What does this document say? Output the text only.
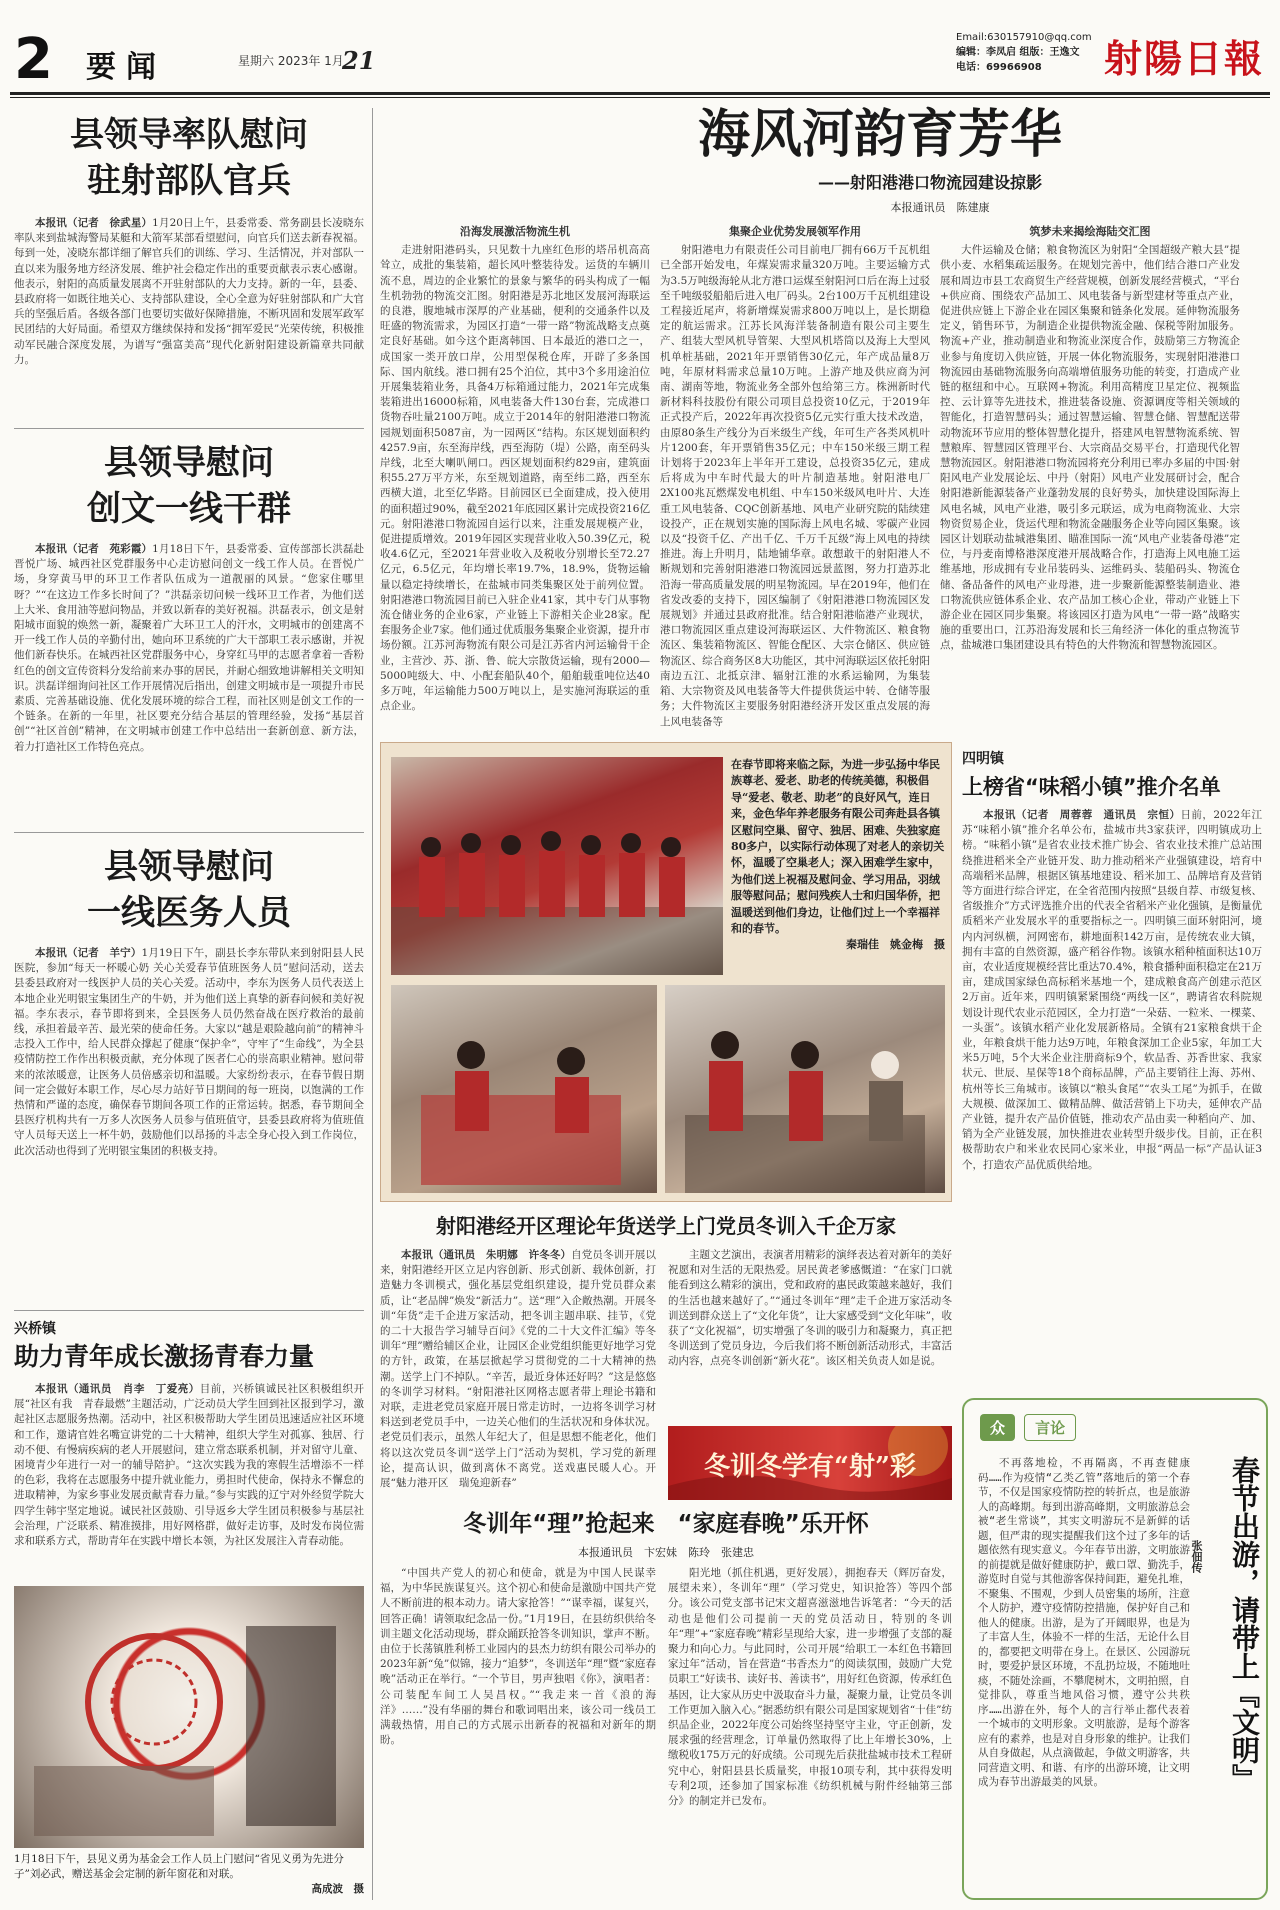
2 要闻	星期六 2023年 1月
21
Email:630157910@qq.com
编辑：李凤启 组版：王逸文
电话：69966908	射陽日報
县领导率队慰问
驻射部队官兵

本报讯（记者　徐武星）1月20日上午，县委常委、常务副县长凌晓东率队来到盐城海警局某艇和大箭军某部看望慰问，向官兵们送去新春祝福。每到一处，凌晓东都详细了解官兵们的训练、学习、生活情况，并对部队一直以来为服务地方经济发展、维护社会稳定作出的重要贡献表示衷心感谢。他表示，射阳的高质量发展离不开驻射部队的大力支持。新的一年，县委、县政府将一如既往地关心、支持部队建设，全心全意为好驻射部队和广大官兵的坚强后盾。各级各部门也要切实做好保障措施，不断巩固和发展军政军民团结的大好局面。希望双方继续保持和发扬“拥军爱民”光荣传统，积极推动军民融合深度发展，为谱写“强富美高”现代化新射阳建设新篇章共同献力。

县领导慰问
创文一线干群

本报讯（记者　苑彩霞）1月18日下午，县委常委、宣传部部长洪磊赴晋悦广场、城西社区党群服务中心走访慰问创文一线工作人员。在晋悦广场，身穿黄马甲的环卫工作者队伍成为一道靓丽的风景。“您家住哪里呀？”“在这边工作多长时间了？”洪磊亲切问候一线环卫工作者，为他们送上大米、食用油等慰问物品，并致以新春的美好祝福。洪磊表示，创文是射阳城市面貌的焕然一新，凝聚着广大环卫工人的汗水，文明城市的创建离不开一线工作人员的辛勤付出，她向环卫系统的广大干部职工表示感谢，并祝他们新春快乐。在城西社区党群服务中心，身穿红马甲的志愿者拿着一香粉红色的创文宣传资料分发给前来办事的居民，并耐心细致地讲解相关文明知识。洪磊详细询问社区工作开展情况后指出，创建文明城市是一项提升市民素质、完善基础设施、优化发展环境的综合工程，而社区则是创文工作的一个链条。在新的一年里，社区要充分结合基层的管理经验，发扬“基层首创”“社区首创”精神，在文明城市创建工作中总结出一套新创意、新方法，着力打造社区工作特色亮点。

县领导慰问
一线医务人员

本报讯（记者　羊宁）1月19日下午，副县长李东带队来到射阳县人民医院，参加“每天一杯暖心奶 关心关爱春节值班医务人员”慰问活动，送去县委县政府对一线医护人员的关心关爱。活动中，李东为医务人员代表送上本地企业光明银宝集团生产的牛奶，并为他们送上真挚的新春问候和美好祝福。李东表示，春节即将到来，全县医务人员仍然奋战在医疗救治的最前线，承担着最辛苦、最光荣的使命任务。大家以“越是艰险越向前”的精神斗志投入工作中，给人民群众撑起了健康“保护伞”，守牢了“生命线”，为全县疫情防控工作作出积极贡献，充分体现了医者仁心的崇高职业精神。慰问带来的浓浓暖意，让医务人员倍感亲切和温暖。大家纷纷表示，在春节假日期间一定会做好本职工作，尽心尽力站好节日期间的每一班岗，以饱满的工作热情和严谨的态度，确保春节期间各项工作的正常运转。据悉，春节期间全县医疗机构共有一万多人次医务人员参与值班值守，县委县政府将为值班值守人员每天送上一杯牛奶，鼓励他们以昂扬的斗志全身心投入到工作岗位，此次活动也得到了光明银宝集团的积极支持。

兴桥镇
助力青年成长激扬青春力量

本报讯（通讯员　肖李　丁爱亮）目前，兴桥镇诚民社区积极组织开展“社区有我　青春最燃”主题活动，广泛动员大学生回到社区报到学习，激起社区志愿服务热潮。活动中，社区积极帮助大学生团员迅速适应社区环境和工作，邀请官姓名嘴宣讲党的二十大精神，组织大学生对孤寡、独居、行动不便、有慢病疾病的老人开展慰问，建立常态联系机制，并对留守儿童、困境青少年进行一对一的辅导陪护。“这次实践为我的寒假生活增添不一样的色彩，我将在志愿服务中提升就业能力，勇担时代使命，保持永不懈怠的进取精神，为家乡事业发展贡献青春力量。”参与实践的辽宁对外经贸学院大四学生韩宇坚定地说。诚民社区鼓励、引导返乡大学生团员积极参与基层社会治理，广泛联系、精准摸排，用好网格群，做好走访事，及时发布岗位需求和联系方式，帮助青年在实践中增长本领，为社区发展注入青春动能。

1月18日下午，县见义勇为基金会工作人员上门慰问“省见义勇为先进分子”刘必武，赠送基金会定制的新年窗花和对联。
高成波　摄
海风河韵育芳华
——射阳港港口物流园建设掠影
本报通讯员　陈建康
沿海发展激活物流生机

走进射阳港码头，只见数十九座红色形的塔吊机高高耸立，成批的集装箱，超长风叶整装待发。运货的车辆川流不息，周边的企业繁忙的景象与繁华的码头构成了一幅生机勃勃的物流交汇图。射阳港是苏北地区发展河海联运的良港，腹地城市深厚的产业基础，便利的交通条件以及旺盛的物流需求，为园区打造“一带一路”物流战略支点奠定良好基础。如今这个距离韩国、日本最近的港口之一，成国家一类开放口岸，公用型保税仓库，开辟了多条国际、国内航线。港口拥有25个泊位，其中3个多用途泊位开展集装箱业务，具备4万标箱通过能力，2021年完成集装箱进出16000标箱，风电装备大件130台套，完成港口货物吞吐量2100万吨。成立于2014年的射阳港港口物流园规划面积5087亩，为一园两区“结构。东区规划面积约4257.9亩，东至海岸线，西至海防（堤）公路，南至码头岸线，北至大喇叭闸口。西区规划面积约829亩，建筑面积55.27万平方米，东至规划道路，南至纬二路，西至东西横大道，北至亿华路。目前园区已全面建成，投入使用的面积超过90%，截至2021年底园区累计完成投资216亿元。射阳港港口物流园自运行以来，注重发展规模产业，促进提质增效。2019年园区实现营业收入50.39亿元，税收4.6亿元，至2021年营业收入及税收分别增长至72.27亿元，6.5亿元，年均增长率19.7%，18.9%，货物运输量以稳定持续增长，在盐城市同类集聚区处于前列位置。射阳港港口物流园目前已入驻企业41家，其中专门从事物流仓储业务的企业6家，产业链上下游相关企业28家。配套服务企业7家。他们通过优质服务集聚企业资源，提升市场份额。江苏河海物流有限公司是江苏省内河运输骨干企业，主营沙、苏、浙、鲁、皖大宗散货运输，现有2000—5000吨级大、中、小配套船队40个，船舶载重吨位达40多万吨，年运输能力500万吨以上，是实施河海联运的重点企业。

集聚企业优势发展领军作用

射阳港电力有限责任公司目前电厂拥有66万千瓦机组已全部开始发电，年煤炭需求量320万吨。主要运输方式为3.5万吨级海轮从北方港口运煤至射阳河口后在海上过驳至千吨级驳船船后进入电厂码头。2台100万千瓦机组建设工程接近尾声，将新增煤炭需求800万吨以上，是长期稳定的航运需求。江苏长风海洋装备制造有限公司主要生产、组装大型风机导管架、大型风机塔筒以及海上大型风机单桩基础，2021年开票销售30亿元，年产成品量8万吨，年原材料需求总量10万吨。上游产地及供应商为河南、湖南等地，物流业务全部外包给第三方。株洲新时代新材料科技股份有限公司项目总投资10亿元，于2019年正式投产后，2022年再次投资5亿元实行重大技术改造，由原80条生产线分为百米级生产线，年可生产各类风机叶片1200套，年开票销售35亿元；中车150米级三期工程计划将于2023年上半年开工建设，总投资35亿元，建成后将成为中车时代最大的叶片制造基地。射阳港电厂2X100兆瓦燃煤发电机组、中车150米级风电叶片、大连重工风电装备、CQC创新基地、风电产业研究院的陆续建设投产，正在规划实施的国际海上风电名城、零碳产业园以及“投资千亿、产出千亿、千万千瓦级”海上风电的持续推进。海上升明月，陆地铺华章。敢想敢干的射阳港人不断规划和完善射阳港港口物流园远景蓝图，努力打造苏北沿海一带高质量发展的明星物流园。早在2019年，他们在省发改委的支持下，园区编制了《射阳港港口物流园区发展规划》并通过县政府批准。结合射阳港临港产业现状，港口物流园区重点建设河海联运区、大件物流区、粮食物流区、集装箱物流区、智能仓配区、大宗仓储区、供应链物流区、综合商务区8大功能区，其中河海联运区依托射阳南边五江、北抵京津、辐射江淮的水系运输网，为集装箱、大宗物资及风电装备等大件提供货运中转、仓储等服务；大件物流区主要服务射阳港经济开发区重点发展的海上风电装备等

筑梦未来揭绘海陆交汇图

大件运输及仓储；粮食物流区为射阳“全国超级产粮大县”提供小麦、水稻集疏运服务。在规划完善中，他们结合港口产业发展和周边市县工农商贸生产经营规模，创新发展经营模式，“平台+供应商、围绕农产品加工、风电装备与新型建材等重点产业，促进供应链上下游企业在园区集聚和链条化发展。延伸物流服务定义，销售环节，为制造企业提供物流金融、保税等附加服务。物流+产业，推动制造业和物流业深度合作，鼓励第三方物流企业参与角度切入供应链，开展一体化物流服务，实现射阳港港口物流园由基础物流服务向高端增值服务功能的转变，打造成产业链的枢纽和中心。互联网+物流。利用高精度卫星定位、视频监控、云计算等先进技术，推进装备设施、资源调度等相关领域的智能化，打造智慧码头；通过智慧运输、智慧仓储、智慧配送带动物流环节应用的整体智慧化提升，搭建风电智慧物流系统、智慧粮库、智慧园区管理平台、大宗商品交易平台，打造现代化智慧物流园区。射阳港港口物流园将充分利用已率办多届的中国·射阳风电产业发展论坛、中丹（射阳）风电产业发展研讨会，配合射阳港新能源装备产业蓬勃发展的良好势头，加快建设国际海上风电名城，风电产业港，吸引多元联运，成为电商物流业、大宗物资贸易企业，货运代理和物流金融服务企业等向园区集聚。该园区计划联动盐城港集团、瞄准国际一流“风电产业装备母港”定位，与丹麦南博格港深度港开展战略合作，打造海上风电施工运维基地，形成拥有专业吊装码头、运维码头、装船码头、物流仓储、备品备件的风电产业母港，进一步聚新能源整装制造业、港口物流供应链体系企业、农产品加工核心企业，带动产业链上下游企业在园区同步集聚。将该园区打造为风电“一带一路”战略实施的重要出口，江苏沿海发展和长三角经济一体化的重点物流节点，盐城港口集团建设具有特色的大件物流和智慧物流园区。

在春节即将来临之际，为进一步弘扬中华民族尊老、爱老、助老的传统美德，积极倡导“爱老、敬老、助老”的良好风气，连日来，金色华年养老服务有限公司奔赴县各镇区慰问空巢、留守、独居、困难、失独家庭80多户，以实际行动体现了对老人的亲切关怀，温暖了空巢老人；深入困难学生家中，为他们送上祝福及慰问金、学习用品，羽绒服等慰问品；慰问残疾人士和归国华侨，把温暖送到他们身边，让他们过上一个幸福祥和的春节。
秦瑞佳　姚金梅　摄
四明镇
上榜省“味稻小镇”推介名单

本报讯（记者　周蓉蓉　通讯员　宗恒）日前，2022年江苏“味稻小镇”推介名单公布，盐城市共3家获评，四明镇成功上榜。“味稻小镇”是省农业技术推广协会、省农业技术推广总站围绕推进稻米全产业链开发、助力推动稻米产业强镇建设，培育中高端稻米品牌，根据区镇基地建设、稻米加工、品牌培育及营销等方面进行综合评定，在全省范围内按照“县级自荐、市级复核、省级推介”方式评选推介出的代表全省稻米产业化强镇，是衡量优质稻米产业发展水平的重要指标之一。四明镇三面环射阳河，境内内河纵横，河网密布，耕地面积142万亩，是传统农业大镇，拥有丰富的自然资源，盛产稻谷作物。该镇水稻种植面积达10万亩，农业适度规模经营比重达70.4%，粮食播种面积稳定在21万亩，建成国家绿色高标稻米基地一个，建成粮食高产创建示范区2万亩。近年来，四明镇紧紧围绕“两线一区”，聘请省农科院规划设计现代农业示范园区，全力打造“一朵菇、一粒米、一棵菜、一头蛋”。该镇水稻产业化发展新格局。全镇有21家粮食烘干企业，年粮食烘干能力达9万吨，年粮食深加工企业5家，年加工大米5万吨，5个大米企业注册商标9个，软品香、苏香世家、我家状元、世辰、星保等18个商标品牌，产品主要销往上海、苏州、杭州等长三角城市。该镇以“粮头食尾”“农头工尾”为抓手，在做大规模、做深加工、做精品牌、做活营销上下功夫，延伸农产品产业链，提升农产品价值链，推动农产品由卖一种稻向产、加、销为全产业链发展，加快推进农业转型升级步伐。目前，正在积极帮助农户和米业农民同心家米业，申报“两品一标”产品认证3个，打造农产品优质供给地。

射阳港经开区理论年货送学上门党员冬训入千企万家

本报讯（通讯员　朱明娜　许冬冬）自党员冬训开展以来，射阳港经开区立足内容创新、形式创新、载体创新，打造魅力冬训模式，强化基层党组织建设，提升党员群众素质，让“老品牌”焕发“新活力”。送“理”入企敞热潮。开展冬训“年货”走千企进万家活动，把冬训主题串联、挂节，《党的二十大报告学习辅导百问》《党的二十大文件汇编》等冬训年“理”赠给辅区企业，让园区企业党组织能更好地学习党的方针，政策，在基层掀起学习贯彻党的二十大精神的热潮。送学上门不掉队。“辛苦，最近身体还好吗？”这是悠悠的冬训学习材料。“射阳港社区网格志愿者带上理论书籍和对联，走进老党员家庭开展日常走访时，一边将冬训学习材料送到老党员手中，一边关心他们的生活状况和身体状况。老党员们表示，虽然人年纪大了，但是思想不能老化，他们将以这次党员冬训“送学上门”活动为契机，学习党的新理论，提高认识，做到离休不离党。送戏惠民暖人心。开展“魅力港开区　瑞兔迎新春”

主题文艺演出，表演者用精彩的演绎表达着对新年的美好祝愿和对生活的无限热爱。居民黄老爹感慨道：“在家门口就能看到这么精彩的演出，党和政府的惠民政策越来越好，我们的生活也越来越好了。”“通过冬训年“理”走千企进万家活动冬训送到群众送上了“文化年货”，让大家感受到“文化年味”，收获了“文化祝福”，切实增强了冬训的吸引力和凝聚力，真正把冬训送到了党员身边，今后我们将不断创新活动形式，丰富活动内容，点亮冬训创新“新火花”。该区相关负责人如是说。

冬训冬学有“射”彩
冬训年“理”抢起来　“家庭春晚”乐开怀
本报通讯员　卞宏妹　陈玲　张建忠

“中国共产党人的初心和使命，就是为中国人民谋幸福，为中华民族谋复兴。这个初心和使命是激励中国共产党人不断前进的根本动力。请大家抢答！”“谋幸福，谋复兴，回答正确！请领取纪念品一份。”1月19日，在县纺织供给冬训主题文化活动现场，群众踊跃抢答冬训知识，掌声不断。由位于长荡镇胜利桥工业园内的县杰力纺织有限公司举办的2023年新“兔”似锦，接力“追梦”，冬训送年“理”暨“家庭春晚”活动正在举行。“一个节目，男声独唱《你》，演唱者：公司装配车间工人吴昌权。”“我走来一首《浪的海洋》……”没有华丽的舞台和歌词唱出来，该公司一线员工满载热情，用自己的方式展示出新春的祝福和对新年的期盼。

阳光地（抓住机遇，更好发展），拥抱春天（辉厉奋发，展望未来），冬训年“理”（学习党史，知识抢答）等四个部分。该公司党支部书记宋文超喜滋滋地告诉笔者：“今天的活动也是他们公司提前一天的党员活动日，特别的冬训年“理”+“家庭春晚”精彩呈现给大家，进一步增强了支部的凝聚力和向心力。与此同时，公司开展“给职工一本红色书籍回家过年”活动，旨在营造“书香杰力”的阅读氛围，鼓励广大党员职工“好读书、读好书、善读书”，用好红色资源，传承红色基因，让大家从历史中汲取奋斗力量，凝聚力量，让党员冬训工作更加入脑入心。”据悉纺织有限公司是国家规划省“十佳”纺织品企业，2022年度公司始终坚持坚守主业，守正创新，发展求强的经营理念，订单量仍然取得了比上年增长30%，上缴税收175万元的好成绩。公司现先后获批盐城市技术工程研究中心，射阳县县长质量奖，申报10项专利，其中获得发明专利2项，还参加了国家标准《纺织机械与附件经轴第三部分》的制定并已发布。

众 言论

不再落地检，不再隔离，不再查健康码……作为疫情“乙类乙管”落地后的第一个春节，不仅是国家疫情防控的转折点，也是旅游人的高峰期。每到出游高峰期，文明旅游总会被“老生常谈”，其实文明游玩不是新鲜的话题，但严肃的现实提醒我们这个过了多年的话题依然有现实意义。今年春节出游，文明旅游的前提就是做好健康防护，戴口罩、勤洗手，游览时自觉与其他游客保持间距，避免扎堆，不聚集、不围观，少到人员密集的场所，注意个人防护，遵守疫情防控措施，保护好自己和他人的健康。出游，是为了开阔眼界，也是为了丰富人生，体验不一样的生活，无论什么目的，都要把文明带在身上。在景区、公园游玩时，要爱护景区环境，不乱扔垃圾，不随地吐痰，不随处涂画，不攀爬树木，文明拍照，自觉排队，尊重当地风俗习惯，遵守公共秩序……出游在外，每个人的言行举止都代表着一个城市的文明形象。文明旅游，是每个游客应有的素养，也是对自身形象的维护。让我们从自身做起，从点滴做起，争做文明游客，共同营造文明、和谐、有序的出游环境，让文明成为春节出游最美的风景。

春节出游，请带上『文明』
张佃传
